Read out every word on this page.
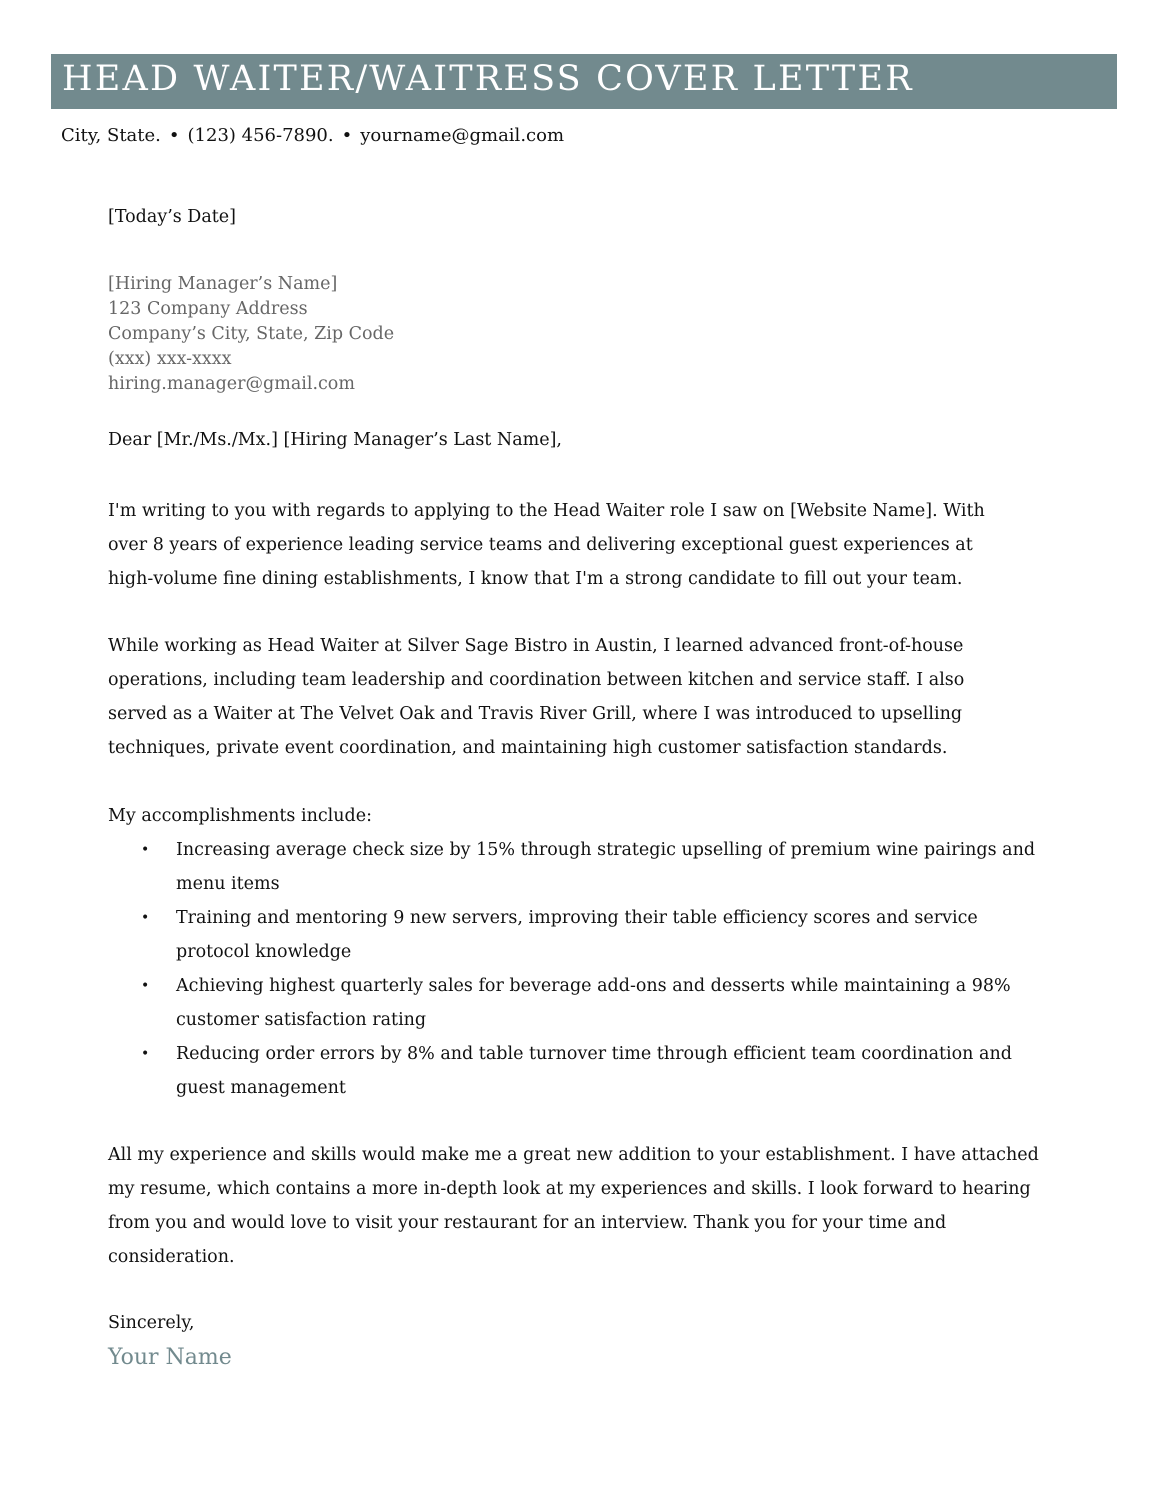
HEAD WAITER/WAITRESS COVER LETTER
City, State. • (123) 456-7890. • yourname@gmail.com
[Today’s Date]
[Hiring Manager’s Name]
123 Company Address
Company’s City, State, Zip Code
(xxx) xxx-xxxx
hiring.manager@gmail.com
Dear [Mr./Ms./Mx.] [Hiring Manager’s Last Name],

I'm writing to you with regards to applying to the Head Waiter role I saw on [Website Name]. With over 8 years of experience leading service teams and delivering exceptional guest experiences at high-volume fine dining establishments, I know that I'm a strong candidate to fill out your team.

While working as Head Waiter at Silver Sage Bistro in Austin, I learned advanced front-of-house operations, including team leadership and coordination between kitchen and service staff. I also served as a Waiter at The Velvet Oak and Travis River Grill, where I was introduced to upselling techniques, private event coordination, and maintaining high customer satisfaction standards.

My accomplishments include:
• Increasing average check size by 15% through strategic upselling of premium wine pairings and menu items
• Training and mentoring 9 new servers, improving their table efficiency scores and service protocol knowledge
• Achieving highest quarterly sales for beverage add-ons and desserts while maintaining a 98% customer satisfaction rating
• Reducing order errors by 8% and table turnover time through efficient team coordination and guest management

All my experience and skills would make me a great new addition to your establishment. I have attached my resume, which contains a more in-depth look at my experiences and skills. I look forward to hearing from you and would love to visit your restaurant for an interview. Thank you for your time and consideration.

Sincerely,
Your Name
